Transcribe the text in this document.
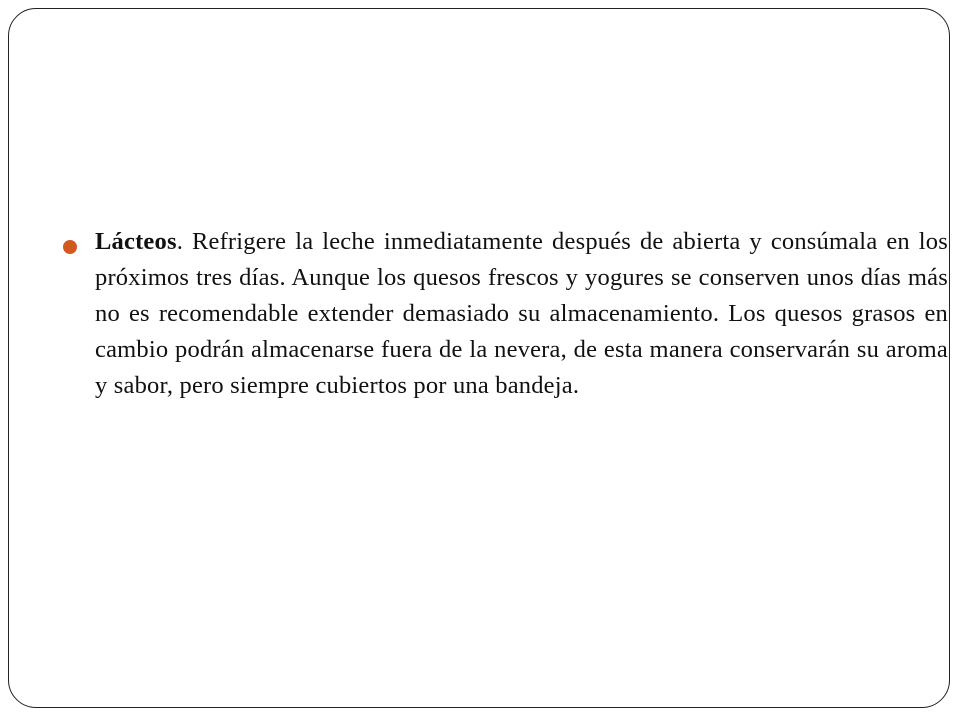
Lácteos. Refrigere la leche inmediatamente después de abierta y consúmala en los próximos tres días. Aunque los quesos frescos y yogures se conserven unos días más no es recomendable extender demasiado su almacenamiento. Los quesos grasos en cambio podrán almacenarse fuera de la nevera, de esta manera conservarán su aroma y sabor, pero siempre cubiertos por una bandeja.
